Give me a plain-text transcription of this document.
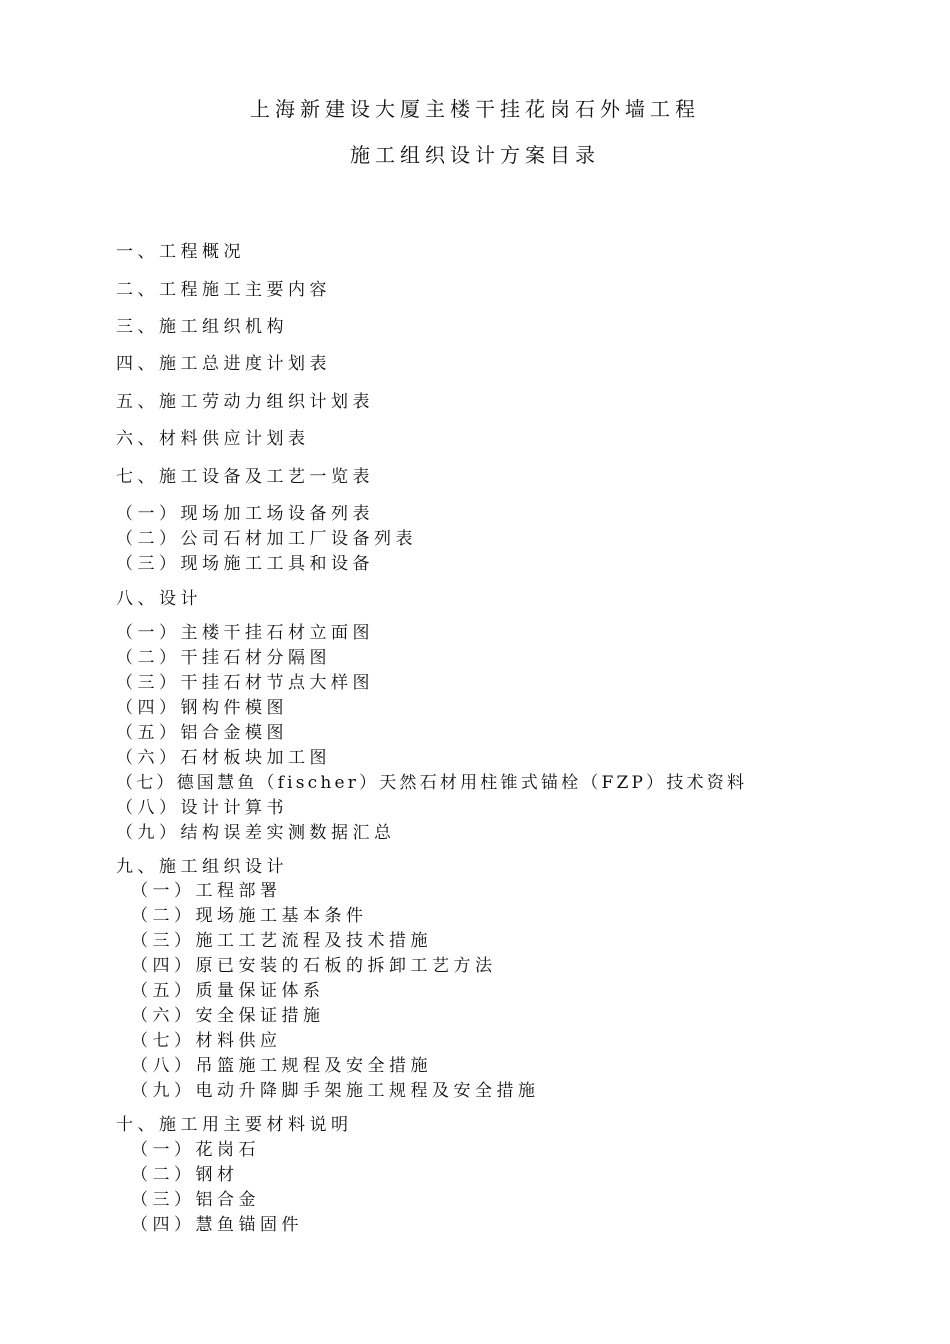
上海新建设大厦主楼干挂花岗石外墙工程
施工组织设计方案目录
一、工程概况
二、工程施工主要内容
三、施工组织机构
四、施工总进度计划表
五、施工劳动力组织计划表
六、材料供应计划表
七、施工设备及工艺一览表
（一）现场加工场设备列表
（二）公司石材加工厂设备列表
（三）现场施工工具和设备
八、设计
（一）主楼干挂石材立面图
（二）干挂石材分隔图
（三）干挂石材节点大样图
（四）钢构件模图
（五）铝合金模图
（六）石材板块加工图
（七）德国慧鱼（fischer）天然石材用柱锥式锚栓（FZP）技术资料
（八）设计计算书
（九）结构误差实测数据汇总
九、施工组织设计
（一）工程部署
（二）现场施工基本条件
（三）施工工艺流程及技术措施
（四）原已安装的石板的拆卸工艺方法
（五）质量保证体系
（六）安全保证措施
（七）材料供应
（八）吊篮施工规程及安全措施
（九）电动升降脚手架施工规程及安全措施
十、施工用主要材料说明
（一）花岗石
（二）钢材
（三）铝合金
（四）慧鱼锚固件
